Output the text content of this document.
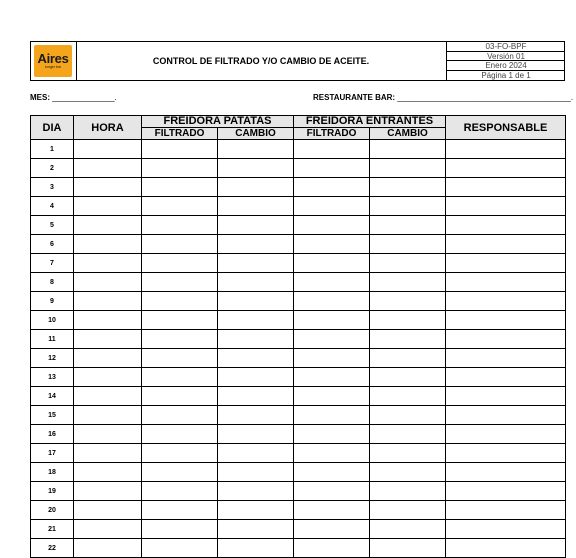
Aires
burger bar
CONTROL DE FILTRADO Y/O CAMBIO DE ACEITE.
03-FO-BPF
Versión 01
Enero 2024
Página 1 de 1
MES: ______________.	RESTAURANTE BAR: _______________________________________.
DIA	HORA	FREIDORA PATATAS		FREIDORA ENTRANTES		RESPONSABLE
		FILTRADO	CAMBIO	FILTRADO	CAMBIO	
1						
2						
3						
4						
5						
6						
7						
8						
9						
10						
11						
12						
13						
14						
15						
16						
17						
18						
19						
20						
21						
22						
